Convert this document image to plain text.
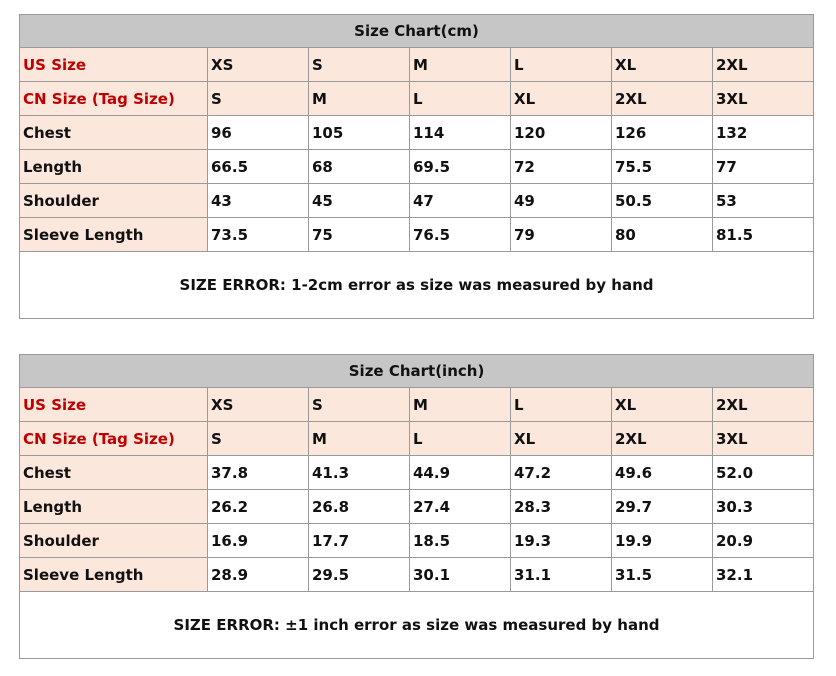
Size Chart(cm)						
US Size	XS	S	M	L	XL	2XL
CN Size (Tag Size)	S	M	L	XL	2XL	3XL
Chest	96	105	114	120	126	132
Length	66.5	68	69.5	72	75.5	77
Shoulder	43	45	47	49	50.5	53
Sleeve Length	73.5	75	76.5	79	80	81.5
SIZE ERROR: 1-2cm error as size was measured by hand						
Size Chart(inch)						
US Size	XS	S	M	L	XL	2XL
CN Size (Tag Size)	S	M	L	XL	2XL	3XL
Chest	37.8	41.3	44.9	47.2	49.6	52.0
Length	26.2	26.8	27.4	28.3	29.7	30.3
Shoulder	16.9	17.7	18.5	19.3	19.9	20.9
Sleeve Length	28.9	29.5	30.1	31.1	31.5	32.1
SIZE ERROR: ±1 inch error as size was measured by hand						
